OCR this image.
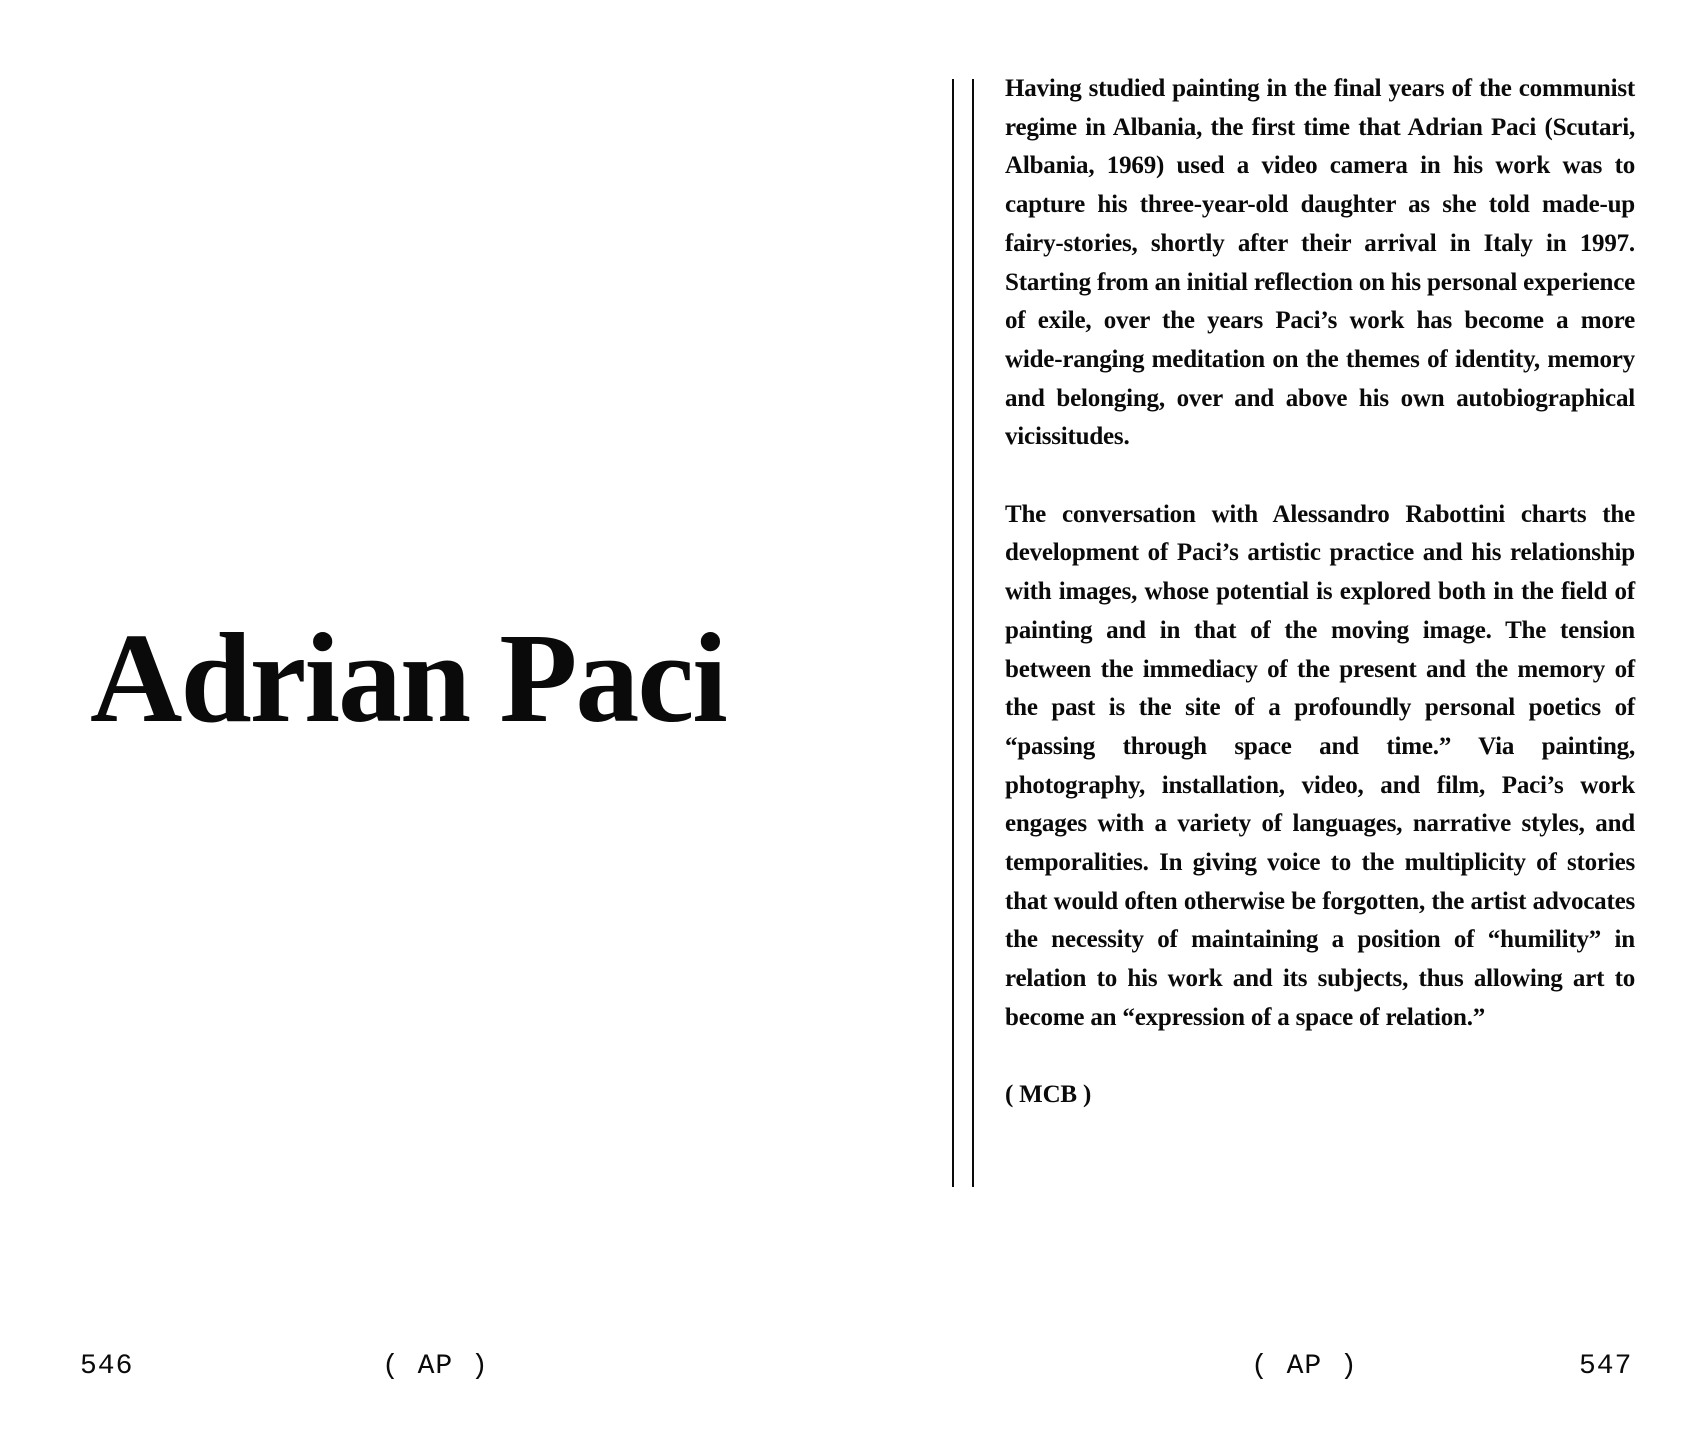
Adrian Paci

Having studied painting in the final years of the communist regime in Albania, the first time that Adrian Paci (Scutari, Albania, 1969) used a video camera in his work was to capture his three-year-old daughter as she told made-up fairy-stories, shortly after their arrival in Italy in 1997. Starting from an initial reflection on his personal experience of exile, over the years Paci’s work has become a more wide-ranging meditation on the themes of identity, memory and belonging, over and above his own autobiographical vicissitudes.

The conversation with Alessandro Rabottini charts the development of Paci’s artistic practice and his relationship with images, whose potential is explored both in the field of painting and in that of the moving image. The tension between the immediacy of the present and the memory of the past is the site of a profoundly personal poetics of “passing through space and time.” Via painting, photography, installation, video, and film, Paci’s work engages with a variety of languages, narrative styles, and temporalities. In giving voice to the multiplicity of stories that would often otherwise be forgotten, the artist advocates the necessity of maintaining a position of “humility” in relation to his work and its subjects, thus allowing art to become an “expression of a space of relation.”

( MCB )

546	( AP )	( AP )	547
